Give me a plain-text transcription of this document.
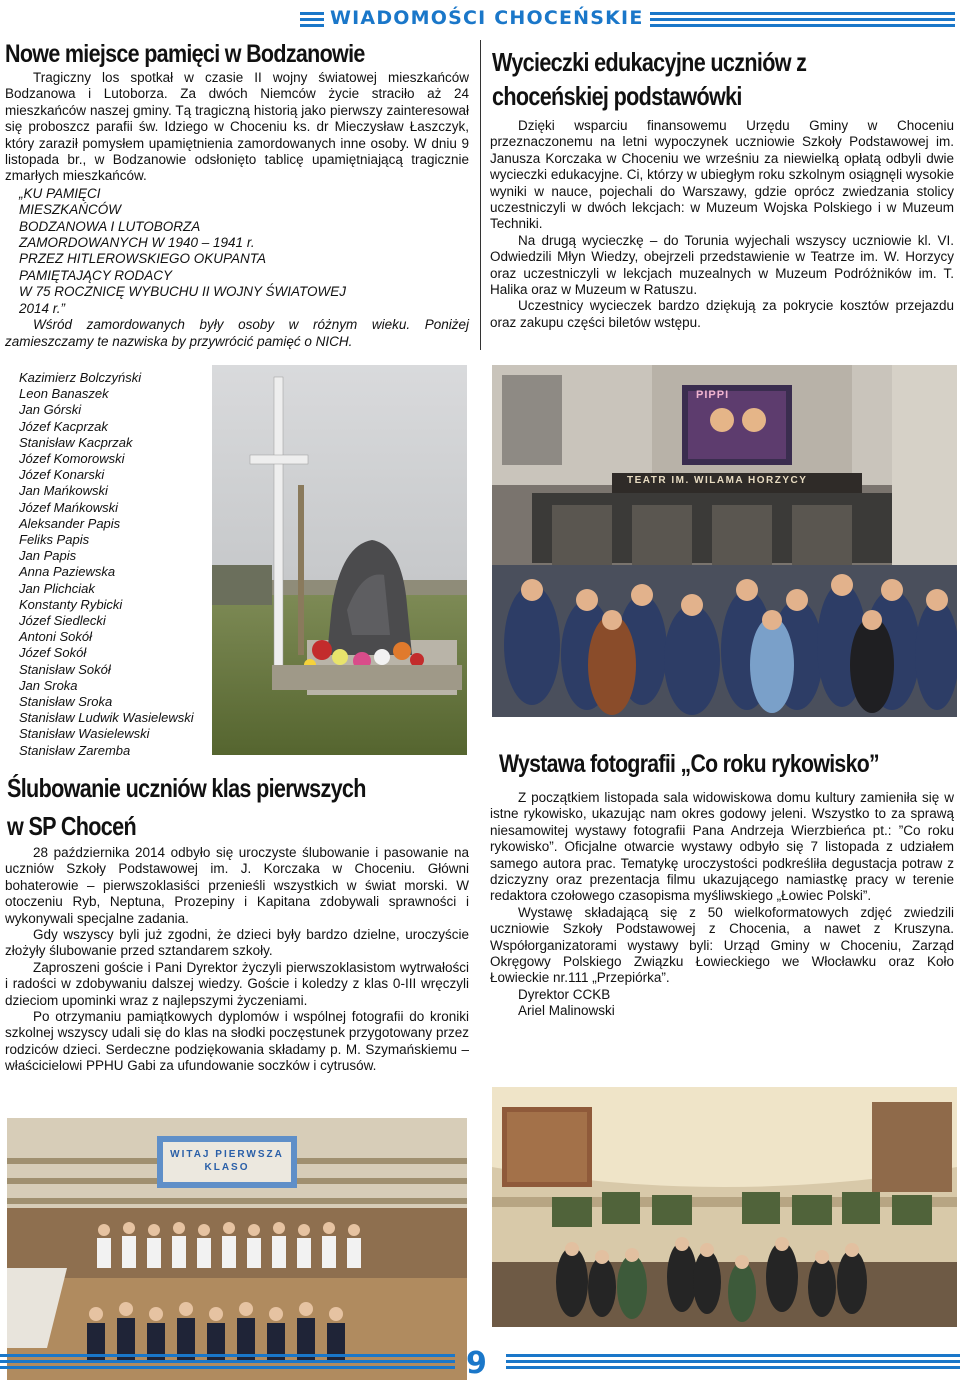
WIADOMOŚCI CHOCEŃSKIE
Nowe miejsce pamięci w Bodzanowie

Tragiczny los spotkał w czasie II wojny światowej mieszkańców Bodzanowa i Lutoborza. Za dwóch Niemców życie straciło aż 24 mieszkańców naszej gminy. Tą tragiczną historią jako pierwszy zainteresował się proboszcz parafii św. Idziego w Choceniu ks. dr Mieczysław Łaszczyk, który zaraził pomysłem upamiętnienia zamordowanych inne osoby. W dniu 9 listopada br., w Bodzanowie odsłonięto tablicę upamiętniającą tragicznie zmarłych mieszkańców.

„KU PAMIĘCI
MIESZKAŃCÓW
BODZANOWA I LUTOBORZA
ZAMORDOWANYCH W 1940 – 1941 r.
PRZEZ HITLEROWSKIEGO OKUPANTA
PAMIĘTAJĄCY RODACY
W 75 ROCZNICĘ WYBUCHU II WOJNY ŚWIATOWEJ
2014 r.”

Wśród zamordowanych były osoby w różnym wieku. Poniżej zamieszczamy te nazwiska by przywrócić pamięć o NICH.

Kazimierz Bolczyński
Leon Banaszek
Jan Górski
Józef Kacprzak
Stanisław Kacprzak
Józef Komorowski
Józef Konarski
Jan Mańkowski
Józef Mańkowski
Aleksander Papis
Feliks Papis
Jan Papis
Anna Paziewska
Jan Plichciak
Konstanty Rybicki
Józef Siedlecki
Antoni Sokół
Józef Sokół
Stanisław Sokół
Jan Sroka
Stanisław Sroka
Stanisław Ludwik Wasielewski
Stanisław Wasielewski
Stanisław Zaremba
Wycieczki edukacyjne uczniów z
choceńskiej podstawówki

Dzięki wsparciu finansowemu Urzędu Gminy w Choceniu przeznaczonemu na letni wypoczynek uczniowie Szkoły Podstawowej im. Janusza Korczaka w Choceniu we wrześniu za niewielką opłatą odbyli dwie wycieczki edukacyjne. Ci, którzy w ubiegłym roku szkolnym osiągnęli wysokie wyniki w nauce, pojechali do Warszawy, gdzie oprócz zwiedzania stolicy uczestniczyli w dwóch lekcjach: w Muzeum Wojska Polskiego i w Muzeum Techniki.

Na drugą wycieczkę – do Torunia wyjechali wszyscy uczniowie kl. VI. Odwiedzili Młyn Wiedzy, obejrzeli przedstawienie w Teatrze im. W. Horzycy oraz uczestniczyli w lekcjach muzealnych w Muzeum Podróżników im. T. Halika oraz w Muzeum w Ratuszu.

Uczestnicy wycieczek bardzo dziękują za pokrycie kosztów przejazdu oraz zakupu części biletów wstępu.

TEATR IM. WILAMA HORZYCY
PIPPI
Ślubowanie uczniów klas pierwszych
w SP Choceń

28 października 2014 odbyło się uroczyste ślubowanie i pasowanie na uczniów Szkoły Podstawowej im. J. Korczaka w Choceniu. Główni bohaterowie – pierwszoklasiści przenieśli wszystkich w świat morski. W otoczeniu Ryb, Neptuna, Prozepiny i Kapitana zdobywali sprawności i wykonywali specjalne zadania.

Gdy wszyscy byli już zgodni, że dzieci były bardzo dzielne, uroczyście złożyły ślubowanie przed sztandarem szkoły.

Zaproszeni goście i Pani Dyrektor życzyli pierwszoklasistom wytrwałości i radości w zdobywaniu dalszej wiedzy. Goście i koledzy z klas 0-III wręczyli dzieciom upominki wraz z najlepszymi życzeniami.

Po otrzymaniu pamiątkowych dyplomów i wspólnej fotografii do kroniki szkolnej wszyscy udali się do klas na słodki poczęstunek przygotowany przez rodziców dzieci. Serdeczne podziękowania składamy p. M. Szymańskiemu – właścicielowi PPHU Gabi za ufundowanie soczków i cytrusów.

WITAJ PIERWSZA KLASO
Wystawa fotografii „Co roku rykowisko”

Z początkiem listopada sala widowiskowa domu kultury zamieniła się w istne rykowisko, ukazując nam okres godowy jeleni. Wszystko to za sprawą niesamowitej wystawy fotografii Pana Andrzeja Wierzbieńca pt.: ”Co roku rykowisko”. Oficjalne otwarcie wystawy odbyło się 7 listopada z udziałem samego autora prac. Tematykę uroczystości podkreśliła degustacja potraw z dziczyzny oraz prezentacja filmu ukazującego namiastkę pracy w terenie redaktora czołowego czasopisma myśliwskiego „Łowiec Polski”.

Wystawę składającą się z 50 wielkoformatowych zdjęć zwiedzili uczniowie Szkoły Podstawowej z Chocenia, a nawet z Kruszyna. Współorganizatorami wystawy byli: Urząd Gminy w Choceniu, Zarząd Okręgowy Polskiego Związku Łowieckiego we Włocławku oraz Koło Łowieckie nr.111 „Przepiórka”.

Dyrektor CCKB

Ariel Malinowski

9
